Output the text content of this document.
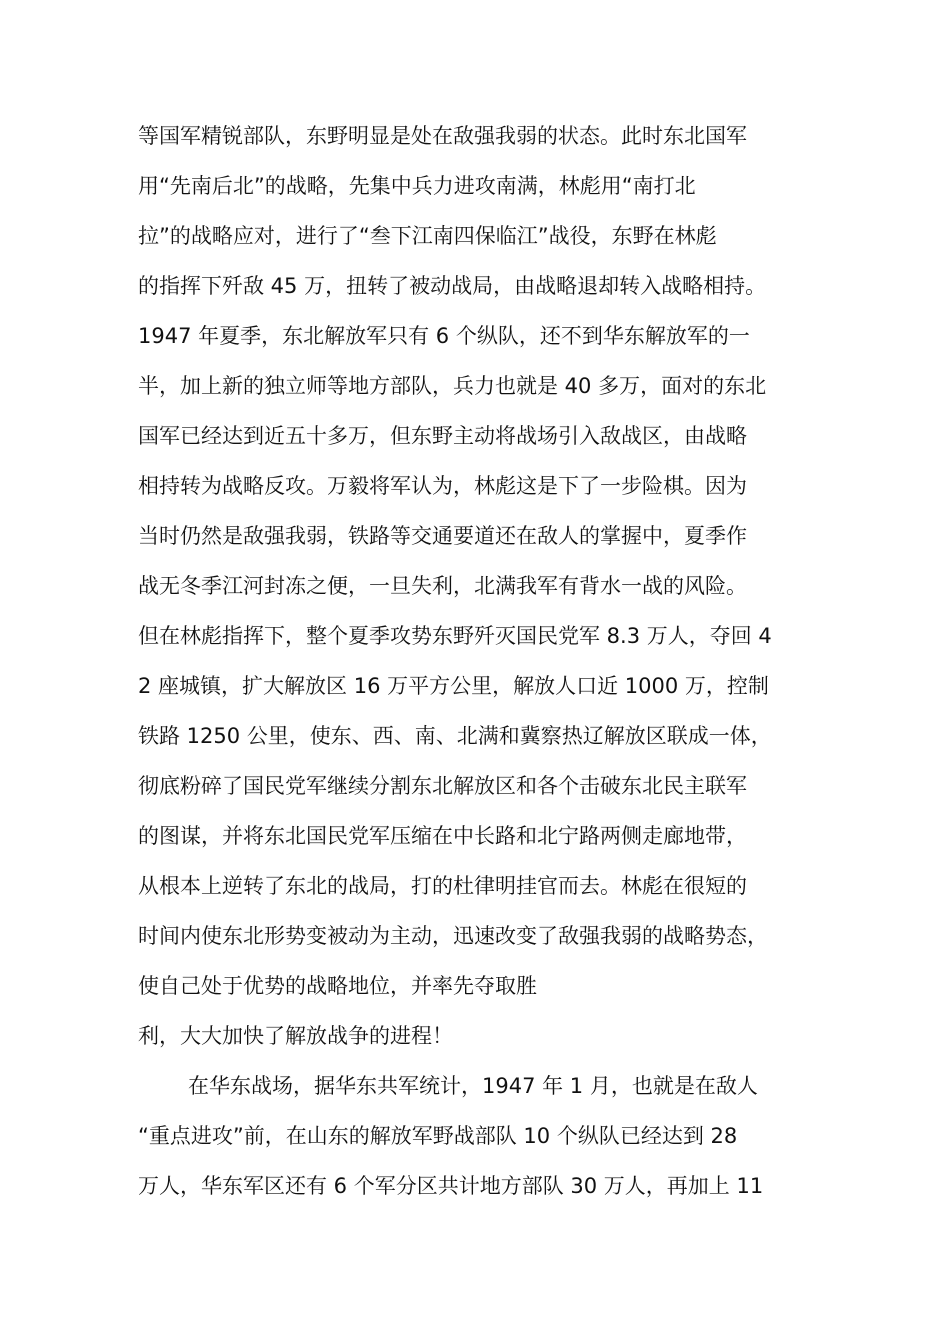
等国军精锐部队，东野明显是处在敌强我弱的状态。此时东北国军
用“先南后北”的战略，先集中兵力进攻南满，林彪用“南打北
拉”的战略应对，进行了“叁下江南四保临江”战役，东野在林彪
的指挥下歼敌 45 万，扭转了被动战局，由战略退却转入战略相持。
1947 年夏季，东北解放军只有 6 个纵队，还不到华东解放军的一
半，加上新的独立师等地方部队，兵力也就是 40 多万，面对的东北
国军已经达到近五十多万，但东野主动将战场引入敌战区，由战略
相持转为战略反攻。万毅将军认为，林彪这是下了一步险棋。因为
当时仍然是敌强我弱，铁路等交通要道还在敌人的掌握中，夏季作
战无冬季江河封冻之便，一旦失利，北满我军有背水一战的风险。
但在林彪指挥下，整个夏季攻势东野歼灭国民党军 8.3 万人，夺回 4
2 座城镇，扩大解放区 16 万平方公里，解放人口近 1000 万，控制
铁路 1250 公里，使东、西、南、北满和冀察热辽解放区联成一体，
彻底粉碎了国民党军继续分割东北解放区和各个击破东北民主联军
的图谋，并将东北国民党军压缩在中长路和北宁路两侧走廊地带，
从根本上逆转了东北的战局，打的杜律明挂官而去。林彪在很短的
时间内使东北形势变被动为主动，迅速改变了敌强我弱的战略势态，
使自己处于优势的战略地位，并率先夺取胜
利，大大加快了解放战争的进程！
在华东战场，据华东共军统计，1947 年 1 月，也就是在敌人
“重点进攻”前，在山东的解放军野战部队 10 个纵队已经达到 28
万人，华东军区还有 6 个军分区共计地方部队 30 万人，再加上 11
